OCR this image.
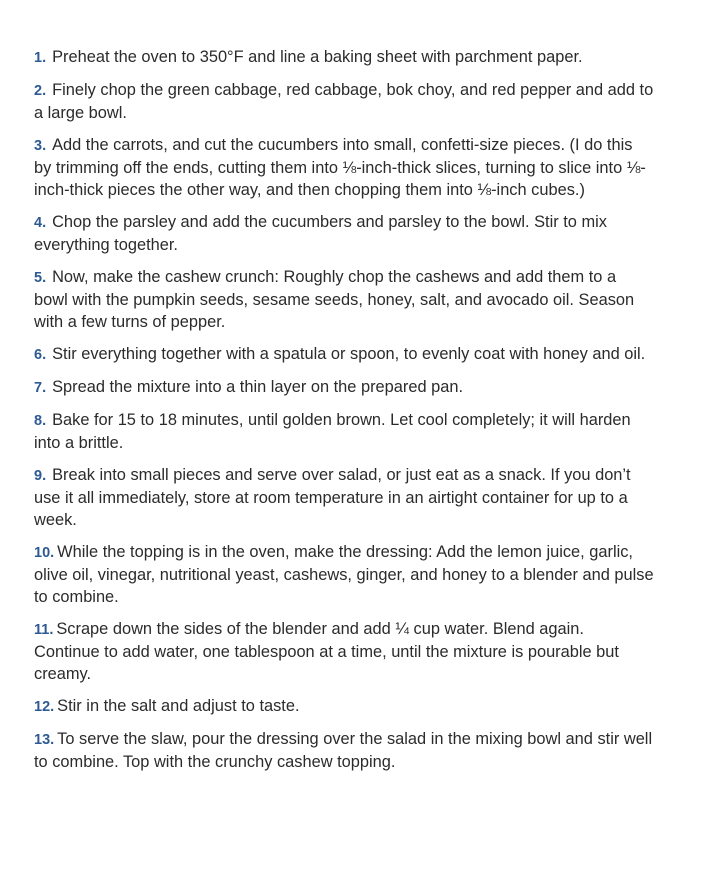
1. Preheat the oven to 350°F and line a baking sheet with parchment paper.
2. Finely chop the green cabbage, red cabbage, bok choy, and red pepper and add to a large bowl.
3. Add the carrots, and cut the cucumbers into small, confetti-size pieces. (I do this by trimming off the ends, cutting them into ⅛-inch-thick slices, turning to slice into ⅛-inch-thick pieces the other way, and then chopping them into ⅛-inch cubes.)
4. Chop the parsley and add the cucumbers and parsley to the bowl. Stir to mix everything together.
5. Now, make the cashew crunch: Roughly chop the cashews and add them to a bowl with the pumpkin seeds, sesame seeds, honey, salt, and avocado oil. Season with a few turns of pepper.
6. Stir everything together with a spatula or spoon, to evenly coat with honey and oil.
7. Spread the mixture into a thin layer on the prepared pan.
8. Bake for 15 to 18 minutes, until golden brown. Let cool completely; it will harden into a brittle.
9. Break into small pieces and serve over salad, or just eat as a snack. If you don’t use it all immediately, store at room temperature in an airtight container for up to a week.
10. While the topping is in the oven, make the dressing: Add the lemon juice, garlic, olive oil, vinegar, nutritional yeast, cashews, ginger, and honey to a blender and pulse to combine.
11. Scrape down the sides of the blender and add ¼ cup water. Blend again. Continue to add water, one tablespoon at a time, until the mixture is pourable but creamy.
12. Stir in the salt and adjust to taste.
13. To serve the slaw, pour the dressing over the salad in the mixing bowl and stir well to combine. Top with the crunchy cashew topping.
